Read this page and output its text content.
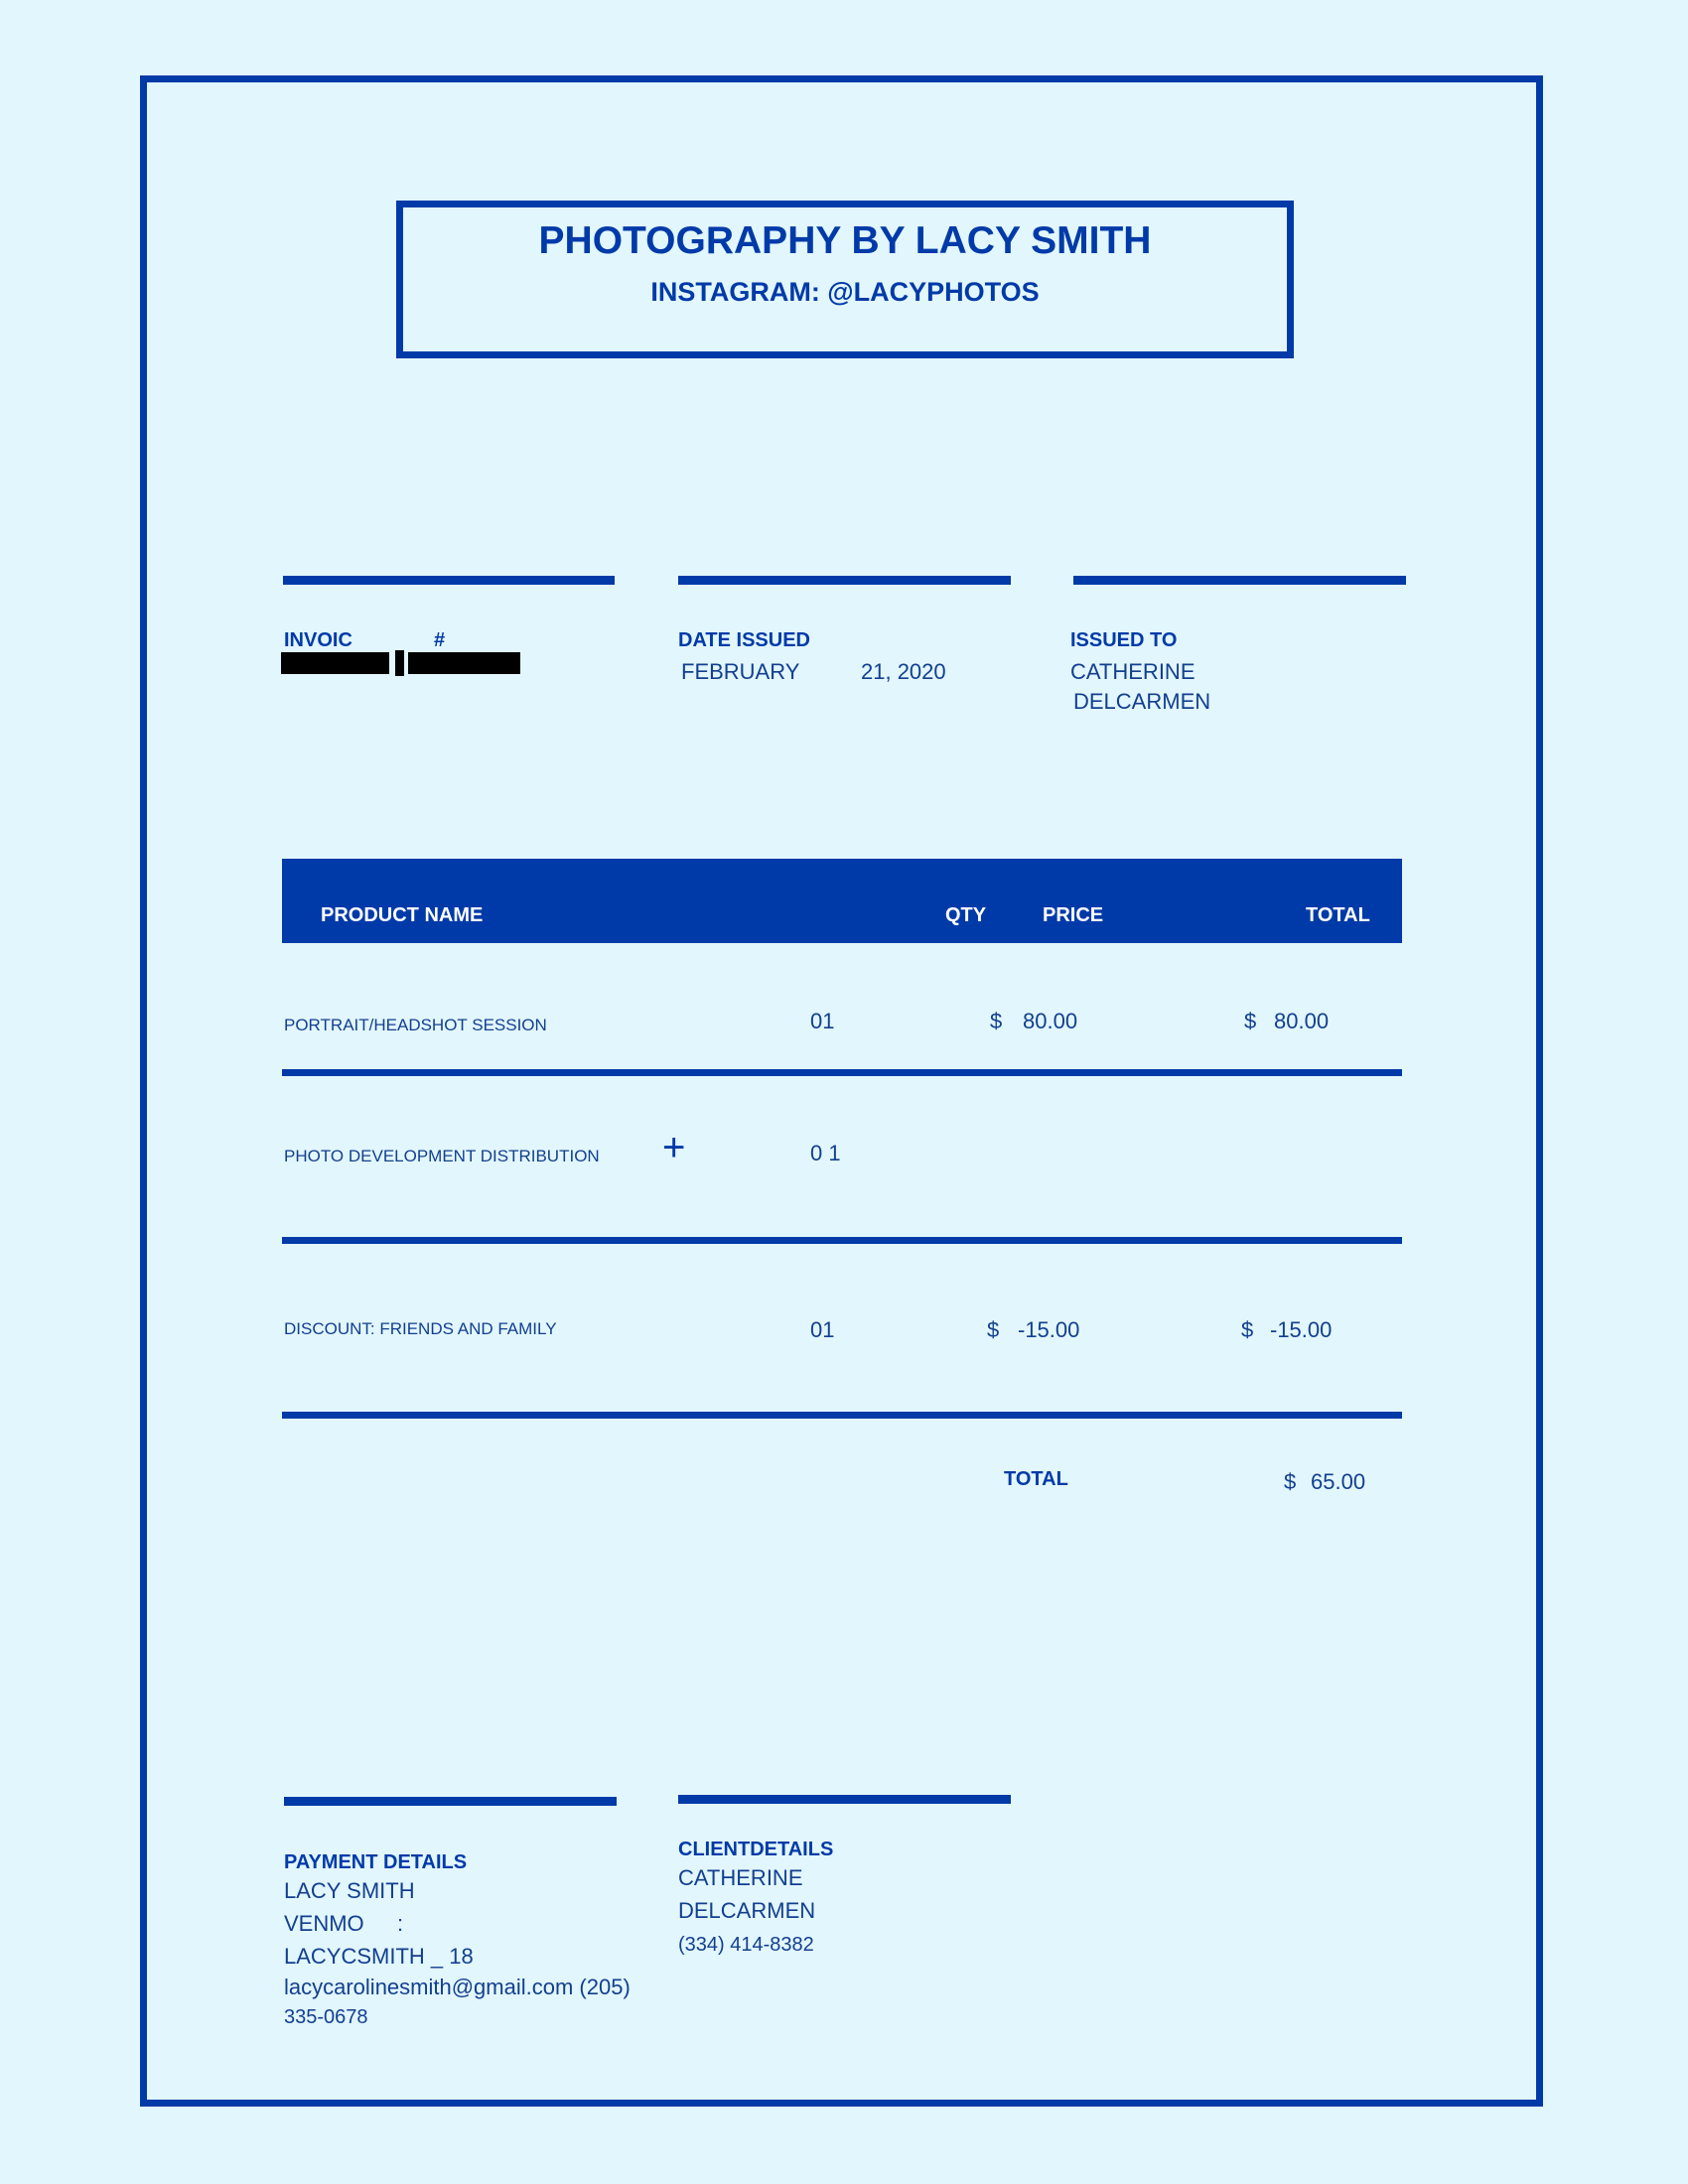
PHOTOGRAPHY BY LACY SMITH
INSTAGRAM: @LACYPHOTOS
INVOIC	#	DATE ISSUED
FEBRUARY	21, 2020
ISSUED TO
CATHERINE
DELCARMEN
PRODUCT NAME	QTY	PRICE	TOTAL
PORTRAIT/HEADSHOT SESSION	01	$ 80.00	$ 80.00
PHOTO DEVELOPMENT DISTRIBUTION +	0 1
DISCOUNT: FRIENDS AND FAMILY	01	$ -15.00	$ -15.00
TOTAL	$ 65.00
PAYMENT DETAILS
LACY SMITH
VENMO :
LACYCSMITH _ 18
lacycarolinesmith@gmail.com (205)
335-0678
CLIENTDETAILS
CATHERINE
DELCARMEN
(334) 414-8382
